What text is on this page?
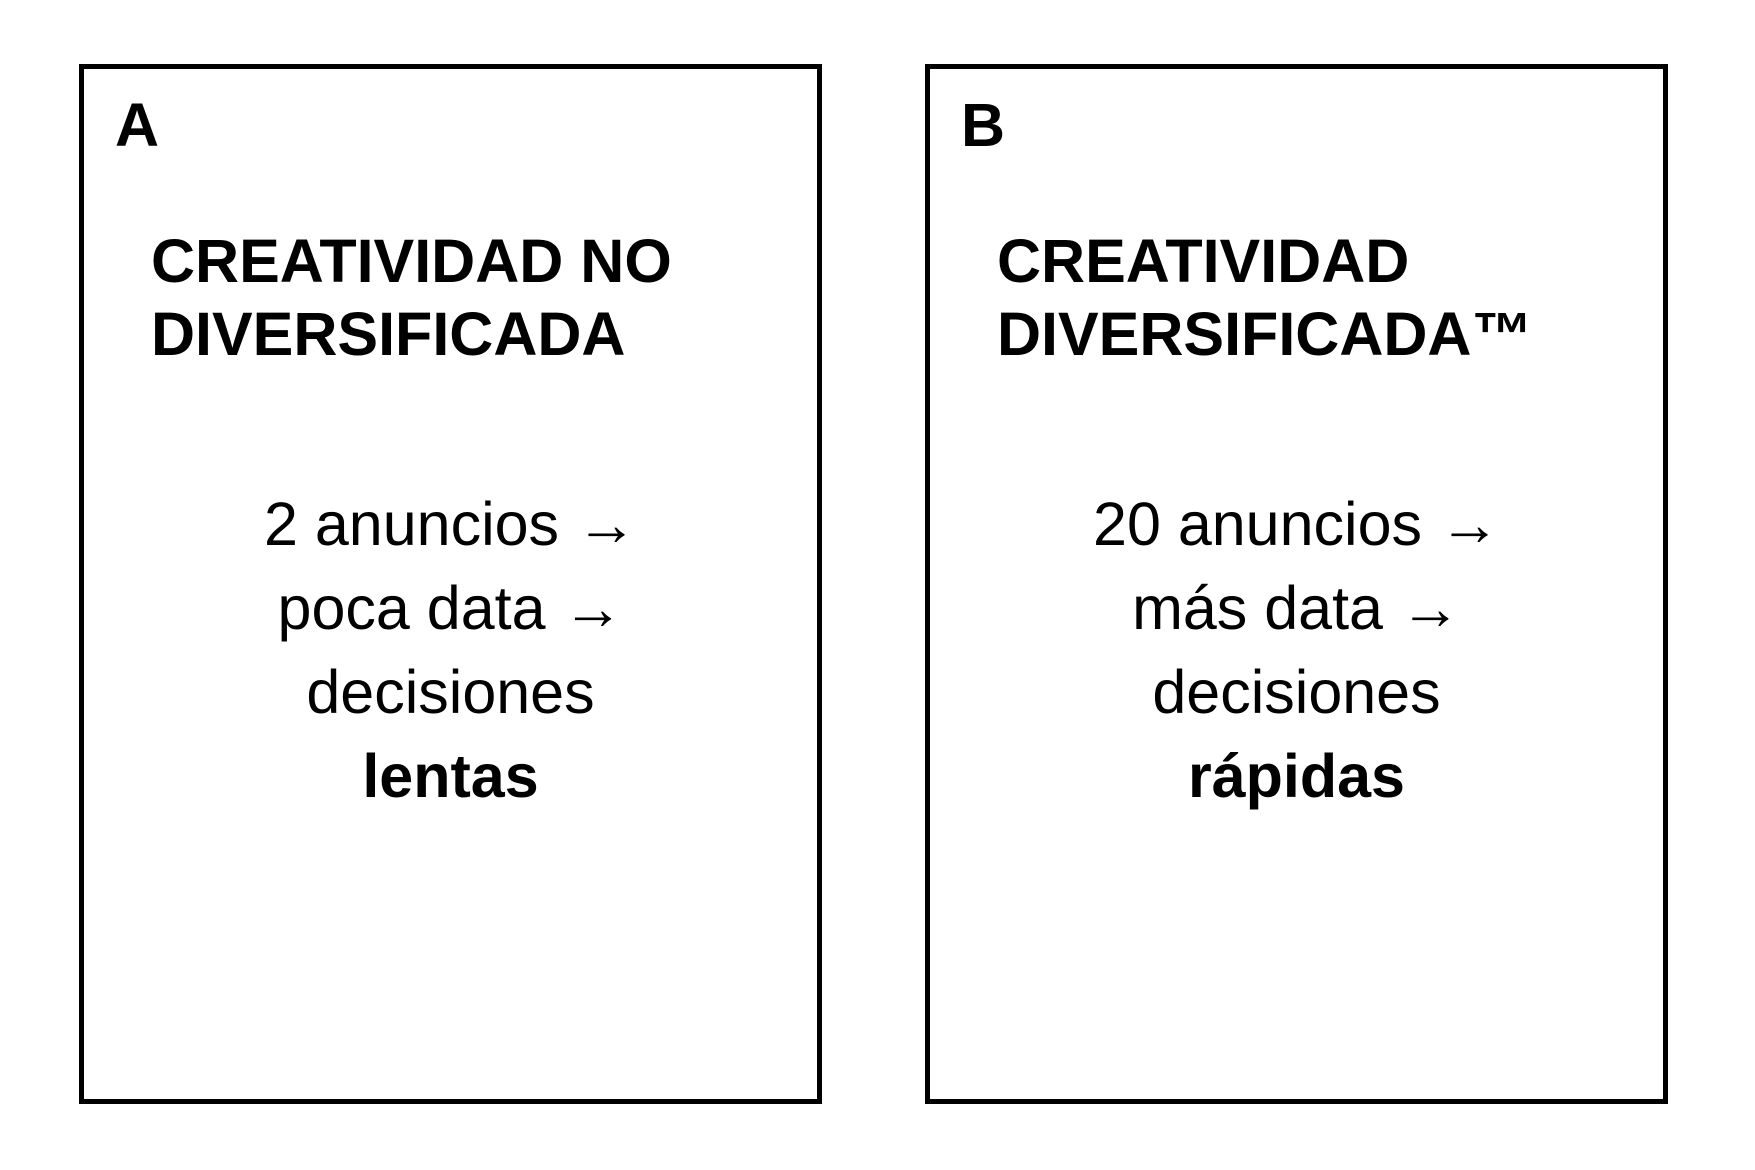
A
CREATIVIDAD NO
DIVERSIFICADA
2 anuncios →
poca data →
decisiones
lentas
B
CREATIVIDAD
DIVERSIFICADA™
20 anuncios →
más data →
decisiones
rápidas
